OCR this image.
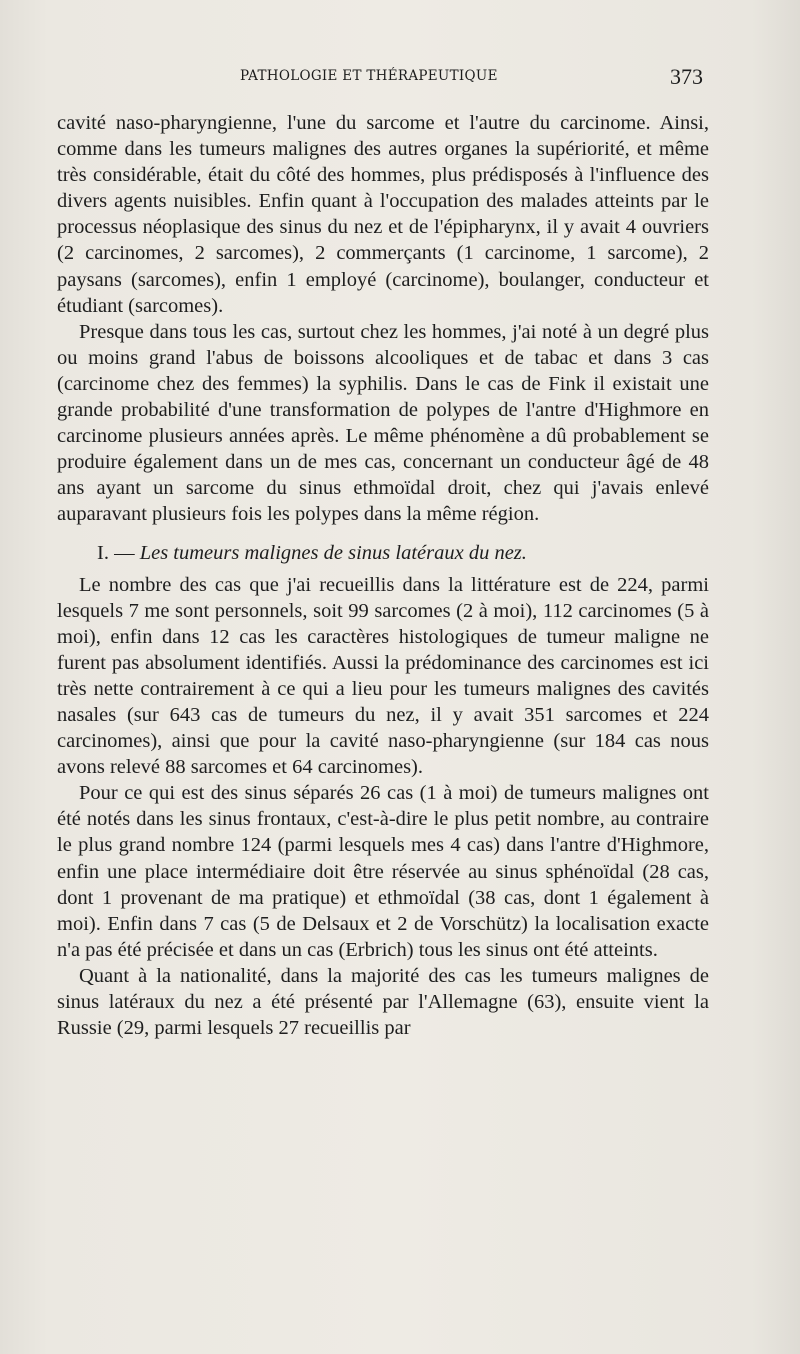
PATHOLOGIE ET THÉRAPEUTIQUE	373

cavité naso-pharyngienne, l'une du sarcome et l'autre du carcinome. Ainsi, comme dans les tumeurs malignes des autres organes la supériorité, et même très considérable, était du côté des hommes, plus prédisposés à l'influence des divers agents nuisibles. Enfin quant à l'occupation des malades atteints par le processus néoplasique des sinus du nez et de l'épipharynx, il y avait 4 ouvriers (2 carcinomes, 2 sarcomes), 2 commerçants (1 carcinome, 1 sarcome), 2 paysans (sarcomes), enfin 1 employé (carcinome), boulanger, conducteur et étudiant (sarcomes).

Presque dans tous les cas, surtout chez les hommes, j'ai noté à un degré plus ou moins grand l'abus de boissons alcooliques et de tabac et dans 3 cas (carcinome chez des femmes) la syphilis. Dans le cas de Fink il existait une grande probabilité d'une transformation de polypes de l'antre d'Highmore en carcinome plusieurs années après. Le même phénomène a dû probablement se produire également dans un de mes cas, concernant un conducteur âgé de 48 ans ayant un sarcome du sinus ethmoïdal droit, chez qui j'avais enlevé auparavant plusieurs fois les polypes dans la même région.

I. — Les tumeurs malignes de sinus latéraux du nez.

Le nombre des cas que j'ai recueillis dans la littérature est de 224, parmi lesquels 7 me sont personnels, soit 99 sarcomes (2 à moi), 112 carcinomes (5 à moi), enfin dans 12 cas les caractères histologiques de tumeur maligne ne furent pas absolument identifiés. Aussi la prédominance des carcinomes est ici très nette contrairement à ce qui a lieu pour les tumeurs malignes des cavités nasales (sur 643 cas de tumeurs du nez, il y avait 351 sarcomes et 224 carcinomes), ainsi que pour la cavité naso-pharyngienne (sur 184 cas nous avons relevé 88 sarcomes et 64 carcinomes).

Pour ce qui est des sinus séparés 26 cas (1 à moi) de tumeurs malignes ont été notés dans les sinus frontaux, c'est-à-dire le plus petit nombre, au contraire le plus grand nombre 124 (parmi lesquels mes 4 cas) dans l'antre d'Highmore, enfin une place intermédiaire doit être réservée au sinus sphénoïdal (28 cas, dont 1 provenant de ma pratique) et ethmoïdal (38 cas, dont 1 également à moi). Enfin dans 7 cas (5 de Delsaux et 2 de Vorschütz) la localisation exacte n'a pas été précisée et dans un cas (Erbrich) tous les sinus ont été atteints.

Quant à la nationalité, dans la majorité des cas les tumeurs malignes de sinus latéraux du nez a été présenté par l'Allemagne (63), ensuite vient la Russie (29, parmi lesquels 27 recueillis par
